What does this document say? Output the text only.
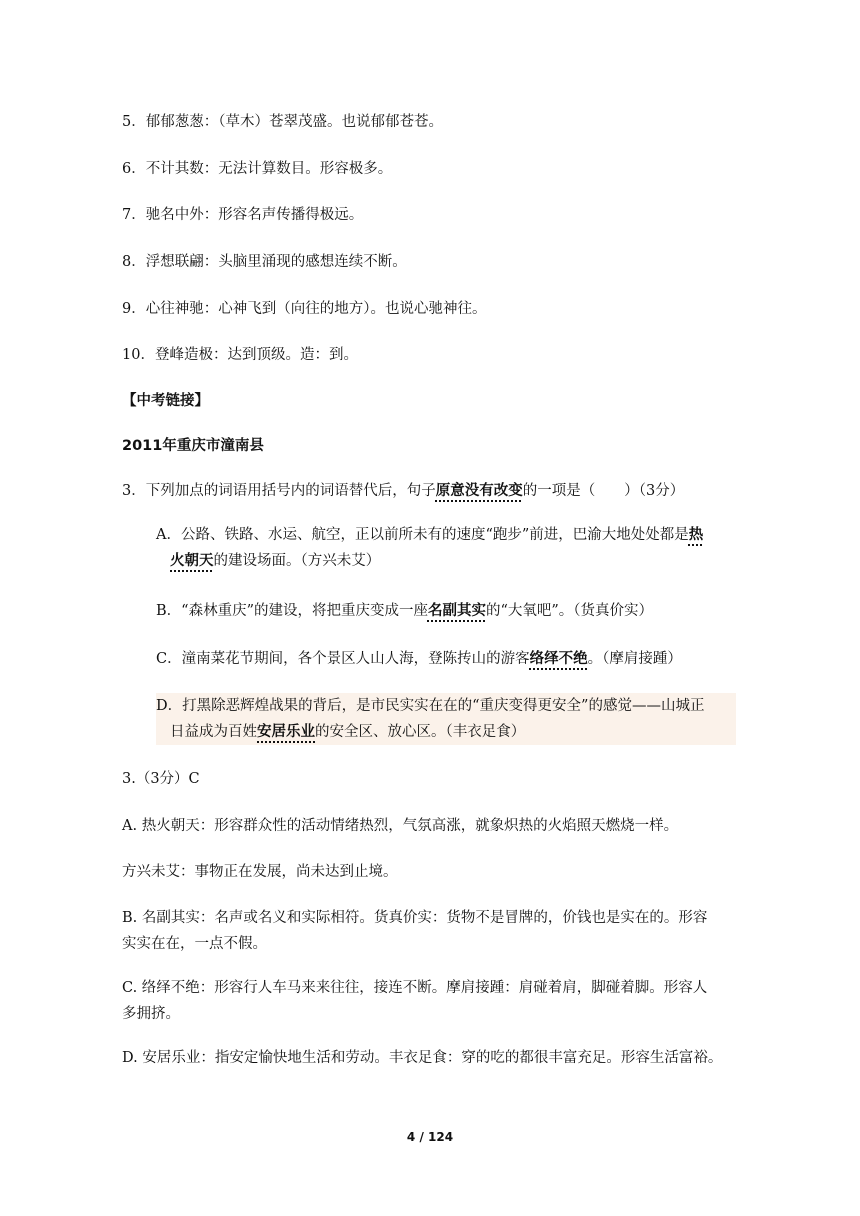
5．郁郁葱葱：（草木）苍翠茂盛。也说郁郁苍苍。
6．不计其数：无法计算数目。形容极多。
7．驰名中外：形容名声传播得极远。
8．浮想联翩：头脑里涌现的感想连续不断。
9．心往神驰：心神飞到（向往的地方）。也说心驰神往。
10．登峰造极：达到顶级。造：到。
【中考链接】
2011年重庆市潼南县
3．下列加点的词语用括号内的词语替代后，句子原意没有改变的一项是（　　）（3分）
A．公路、铁路、水运、航空，正以前所未有的速度“跑步”前进，巴渝大地处处都是热
火朝天的建设场面。（方兴未艾）
B．“森林重庆”的建设，将把重庆变成一座名副其实的“大氧吧”。（货真价实）
C．潼南菜花节期间，各个景区人山人海，登陈抟山的游客络绎不绝。（摩肩接踵）
D．打黑除恶辉煌战果的背后，是市民实实在在的“重庆变得更安全”的感觉——山城正
日益成为百姓安居乐业的安全区、放心区。（丰衣足食）
3.（3分）C
A. 热火朝天：形容群众性的活动情绪热烈，气氛高涨，就象炽热的火焰照天燃烧一样。
方兴未艾：事物正在发展，尚未达到止境。
B. 名副其实：名声或名义和实际相符。货真价实：货物不是冒牌的，价钱也是实在的。形容
实实在在，一点不假。
C. 络绎不绝：形容行人车马来来往往，接连不断。摩肩接踵：肩碰着肩，脚碰着脚。形容人
多拥挤。
D. 安居乐业：指安定愉快地生活和劳动。丰衣足食：穿的吃的都很丰富充足。形容生活富裕。
4 / 124
